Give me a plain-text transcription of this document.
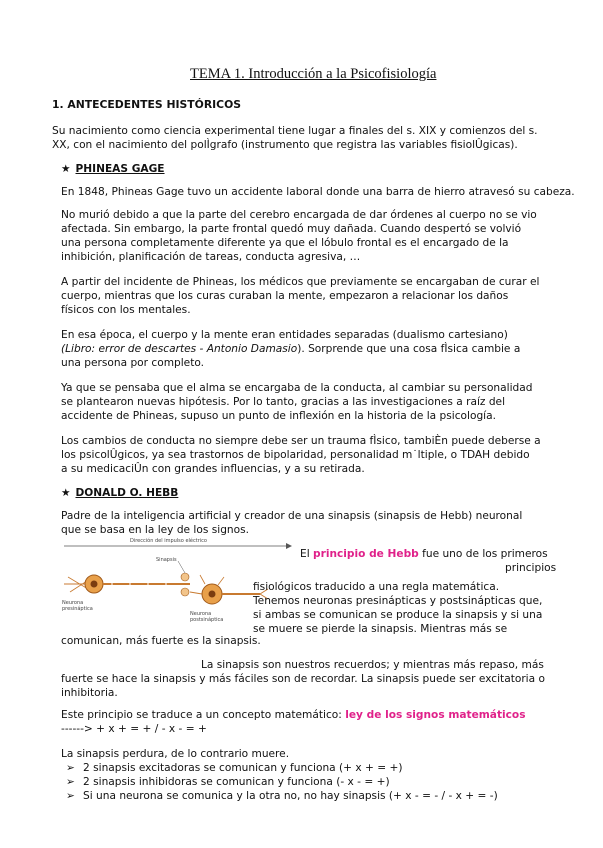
TEMA 1. Introducción a la Psicofisiología
1. ANTECEDENTES HISTÓRICOS
Su nacimiento como ciencia experimental tiene lugar a finales del s. XIX y comienzos del s.
XX, con el nacimiento del polÌgrafo (instrumento que registra las variables fisiolÛgicas).
★ PHINEAS GAGE
En 1848, Phineas Gage tuvo un accidente laboral donde una barra de hierro atravesó su cabeza.
No murió debido a que la parte del cerebro encargada de dar órdenes al cuerpo no se vio
afectada. Sin embargo, la parte frontal quedó muy dañada. Cuando despertó se volvió
una persona completamente diferente ya que el lóbulo frontal es el encargado de la
inhibición, planificación de tareas, conducta agresiva, …
A partir del incidente de Phineas, los médicos que previamente se encargaban de curar el
cuerpo, mientras que los curas curaban la mente, empezaron a relacionar los daños
físicos con los mentales.
En esa época, el cuerpo y la mente eran entidades separadas (dualismo cartesiano)
(Libro: error de descartes - Antonio Damasio). Sorprende que una cosa fÌsica cambie a
una persona por completo.
Ya que se pensaba que el alma se encargaba de la conducta, al cambiar su personalidad
se plantearon nuevas hipótesis. Por lo tanto, gracias a las investigaciones a raíz del
accidente de Phineas, supuso un punto de inflexión en la historia de la psicología.
Los cambios de conducta no siempre debe ser un trauma fÌsico, tambiÈn puede deberse a
los psicolÛgicos, ya sea trastornos de bipolaridad, personalidad m˙ltiple, o TDAH debido
a su medicaciÛn con grandes influencias, y a su retirada.
★ DONALD O. HEBB
Padre de la inteligencia artificial y creador de una sinapsis (sinapsis de Hebb) neuronal
que se basa en la ley de los signos.
Dirección del impulso eléctrico
Sinapsis
Neurona
presináptica
Neurona
postsináptica
El principio de Hebb fue uno de los primeros
principios
fisiológicos traducido a una regla matemática.
Tenemos neuronas presinápticas y postsinápticas que,
si ambas se comunican se produce la sinapsis y si una
se muere se pierde la sinapsis. Mientras más se
comunican, más fuerte es la sinapsis.
La sinapsis son nuestros recuerdos; y mientras más repaso, más
fuerte se hace la sinapsis y más fáciles son de recordar. La sinapsis puede ser excitatoria o
inhibitoria.
Este principio se traduce a un concepto matemático: ley de los signos matemáticos
------> + x + = + / - x - = +
La sinapsis perdura, de lo contrario muere.
➢ 2 sinapsis excitadoras se comunican y funciona (+ x + = +)
➢ 2 sinapsis inhibidoras se comunican y funciona (- x - = +)
➢ Si una neurona se comunica y la otra no, no hay sinapsis (+ x - = - / - x + = -)
